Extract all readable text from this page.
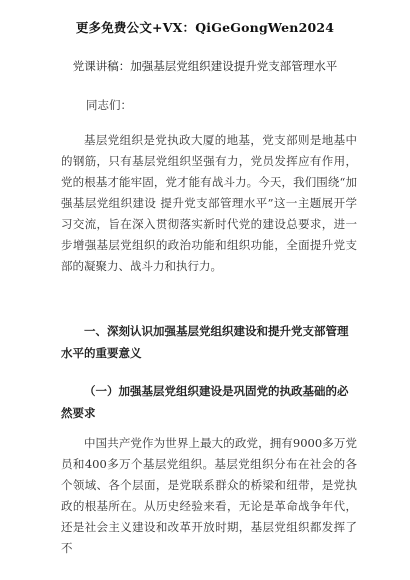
更多免费公文+VX：QiGeGongWen2024
党课讲稿：加强基层党组织建设提升党支部管理水平
同志们：

基层党组织是党执政大厦的地基，党支部则是地基中的钢筋，只有基层党组织坚强有力，党员发挥应有作用，党的根基才能牢固，党才能有战斗力。今天，我们围绕“加强基层党组织建设 提升党支部管理水平”这一主题展开学习交流，旨在深入贯彻落实新时代党的建设总要求，进一步增强基层党组织的政治功能和组织功能，全面提升党支部的凝聚力、战斗力和执行力。

一、深刻认识加强基层党组织建设和提升党支部管理水平的重要意义
（一）加强基层党组织建设是巩固党的执政基础的必然要求

中国共产党作为世界上最大的政党，拥有9000多万党员和400多万个基层党组织。基层党组织分布在社会的各个领域、各个层面，是党联系群众的桥梁和纽带，是党执政的根基所在。从历史经验来看，无论是革命战争年代，还是社会主义建设和改革开放时期，基层党组织都发挥了不
